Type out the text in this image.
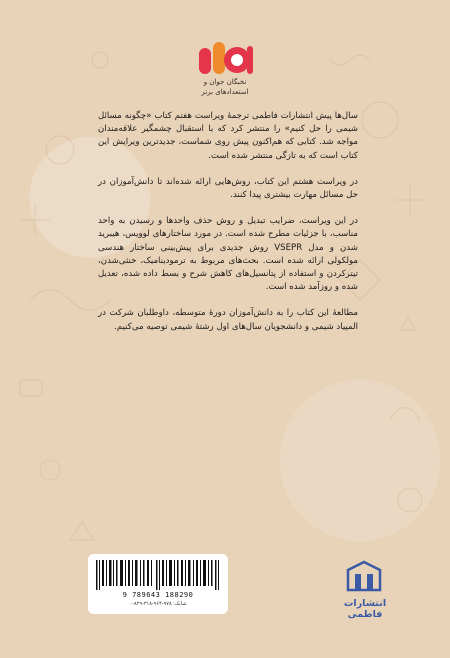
نخبگان جوان و
استعدادهای برتر

سال‌ها پیش انتشارات فاطمی ترجمهٔ ویراست هفتم کتاب «چگونه مسائل شیمی را حل کنیم» را منتشر کرد که با استقبال چشمگیر علاقه‌مندان مواجه شد. کتابی که هم‌اکنون پیش روی شماست، جدیدترین ویرایش این کتاب است که به تازگی منتشر شده است.

در ویراست هشتم این کتاب، روش‌هایی ارائه شده‌اند تا دانش‌آموزان در حل مسائل مهارت بیشتری پیدا کنند.

در این ویراست، ضرایب تبدیل و روش حذف واحدها و رسیدن به واحد مناسب، با جزئیات مطرح شده است. در مورد ساختارهای لوویس، هیبرید شدن و مدل VSEPR روش جدیدی برای پیش‌بینی ساختار هندسی مولکولی ارائه شده است. بحث‌های مربوط به ترمودینامیک، خنثی‌شدن، تیترکردن و استفاده از پتانسیل‌های کاهش شرح و بسط داده شده، تعدیل شده و روزآمد شده است.

مطالعهٔ این کتاب را به دانش‌آموزان دورهٔ متوسطه، داوطلبان شرکت در المپیاد شیمی و دانشجویان سال‌های اول رشتهٔ شیمی توصیه می‌کنیم.

9 789643 188290
شابک: ۹۷۸-۹۶۴-۳۱۸-۸۲۹-۰	انتشارات فاطمی
